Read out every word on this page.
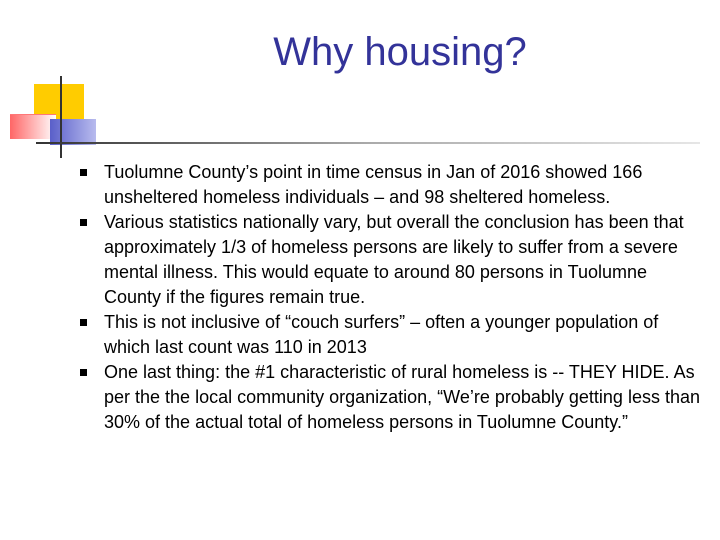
Why housing?
Tuolumne County’s point in time census in Jan of 2016 showed 166 unsheltered homeless individuals – and 98 sheltered homeless.
Various statistics nationally vary, but overall the conclusion has been that approximately 1/3 of homeless persons are likely to suffer from a severe mental illness. This would equate to around 80 persons in Tuolumne County if the figures remain true.
This is not inclusive of “couch surfers” – often a younger population of which last count was 110 in 2013
One last thing: the #1 characteristic of rural homeless is -- THEY HIDE. As per the the local community organization, “We’re probably getting less than 30% of the actual total of homeless persons in Tuolumne County.”
